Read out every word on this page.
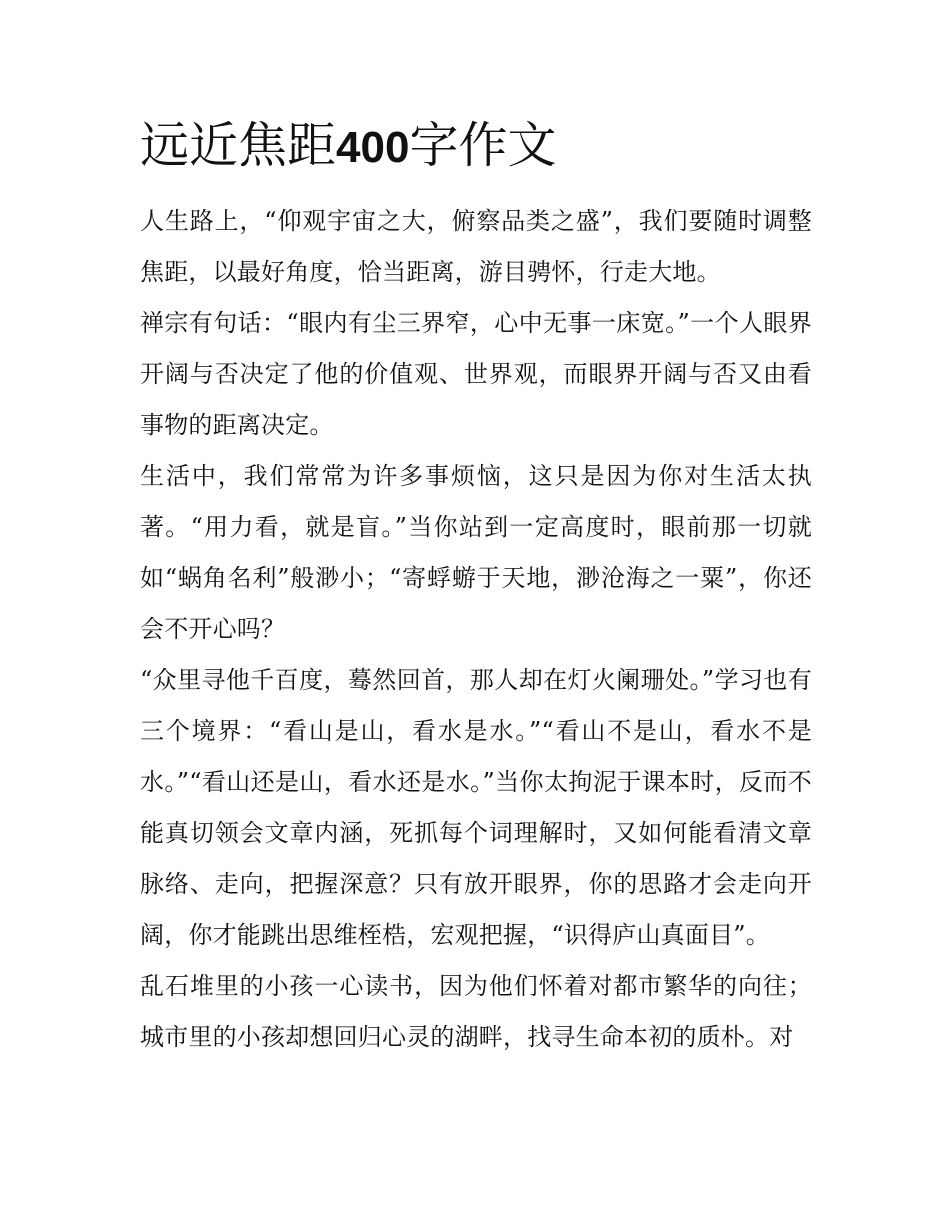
远近焦距400字作文

人生路上，“仰观宇宙之大，俯察品类之盛”，我们要随时调整焦距，以最好角度，恰当距离，游目骋怀，行走大地。

禅宗有句话：“眼内有尘三界窄，心中无事一床宽。”一个人眼界开阔与否决定了他的价值观、世界观，而眼界开阔与否又由看事物的距离决定。

生活中，我们常常为许多事烦恼，这只是因为你对生活太执著。“用力看，就是盲。”当你站到一定高度时，眼前那一切就如“蜗角名利”般渺小；“寄蜉蝣于天地，渺沧海之一粟”，你还会不开心吗？

“众里寻他千百度，蓦然回首，那人却在灯火阑珊处。”学习也有三个境界：“看山是山，看水是水。”“看山不是山，看水不是水。”“看山还是山，看水还是水。”当你太拘泥于课本时，反而不能真切领会文章内涵，死抓每个词理解时，又如何能看清文章脉络、走向，把握深意？只有放开眼界，你的思路才会走向开阔，你才能跳出思维桎梏，宏观把握，“识得庐山真面目”。

乱石堆里的小孩一心读书，因为他们怀着对都市繁华的向往；城市里的小孩却想回归心灵的湖畔，找寻生命本初的质朴。对
